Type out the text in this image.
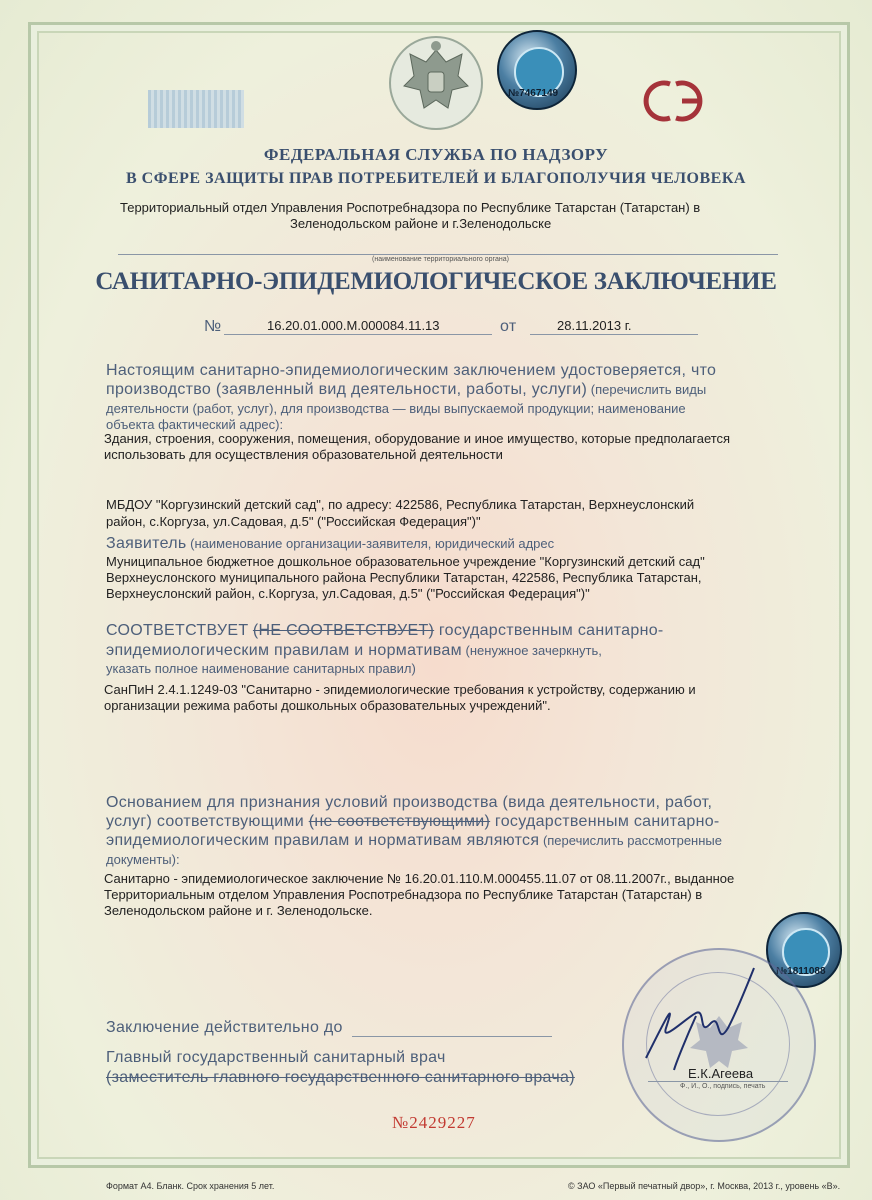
№7467149
ФЕДЕРАЛЬНАЯ СЛУЖБА ПО НАДЗОРУ
В СФЕРЕ ЗАЩИТЫ ПРАВ ПОТРЕБИТЕЛЕЙ И БЛАГОПОЛУЧИЯ ЧЕЛОВЕКА
Территориальный отдел Управления Роспотребнадзора по Республике Татарстан (Татарстан) в
Зеленодольском районе и г.Зеленодольске
(наименование территориального органа)
САНИТАРНО-ЭПИДЕМИОЛОГИЧЕСКОЕ ЗАКЛЮЧЕНИЕ
№	16.20.01.000.М.000084.11.13	от	28.11.2013 г.
Настоящим санитарно-эпидемиологическим заключением удостоверяется, что
производство (заявленный вид деятельности, работы, услуги) (перечислить виды
деятельности (работ, услуг), для производства — виды выпускаемой продукции; наименование
объекта фактический адрес):
Здания, строения, сооружения, помещения, оборудование и иное имущество, которые предполагается
использовать для осуществления образовательной деятельности
МБДОУ "Коргузинский детский сад", по адресу: 422586, Республика Татарстан, Верхнеуслонский
район, с.Коргуза, ул.Садовая, д.5" ("Российская Федерация")"
Заявитель (наименование организации-заявителя, юридический адрес
Муниципальное бюджетное дошкольное образовательное учреждение "Коргузинский детский сад"
Верхнеуслонского муниципального района Республики Татарстан, 422586, Республика Татарстан,
Верхнеуслонский район, с.Коргуза, ул.Садовая, д.5" ("Российская Федерация")"
СООТВЕТСТВУЕТ (НЕ СООТВЕТСТВУЕТ) государственным санитарно-
эпидемиологическим правилам и нормативам (ненужное зачеркнуть,
указать полное наименование санитарных правил)
СанПиН 2.4.1.1249-03 "Санитарно - эпидемиологические требования к устройству, содержанию и
организации режима работы дошкольных образовательных учреждений".
Основанием для признания условий производства (вида деятельности, работ,
услуг) соответствующими (не соответствующими) государственным санитарно-
эпидемиологическим правилам и нормативам являются (перечислить рассмотренные
документы):
Санитарно - эпидемиологическое заключение № 16.20.01.110.М.000455.11.07 от 08.11.2007г., выданное
Территориальным отделом Управления Роспотребнадзора по Республике Татарстан (Татарстан) в
Зеленодольском районе и г. Зеленодольске.
№1811088
Заключение действительно до
Главный государственный санитарный врач
(заместитель главного государственного санитарного врача)	Е.К.Агеева
Ф., И., О., подпись, печать
№2429227
Формат А4. Бланк. Срок хранения 5 лет.	© ЗАО «Первый печатный двор», г. Москва, 2013 г., уровень «В».
